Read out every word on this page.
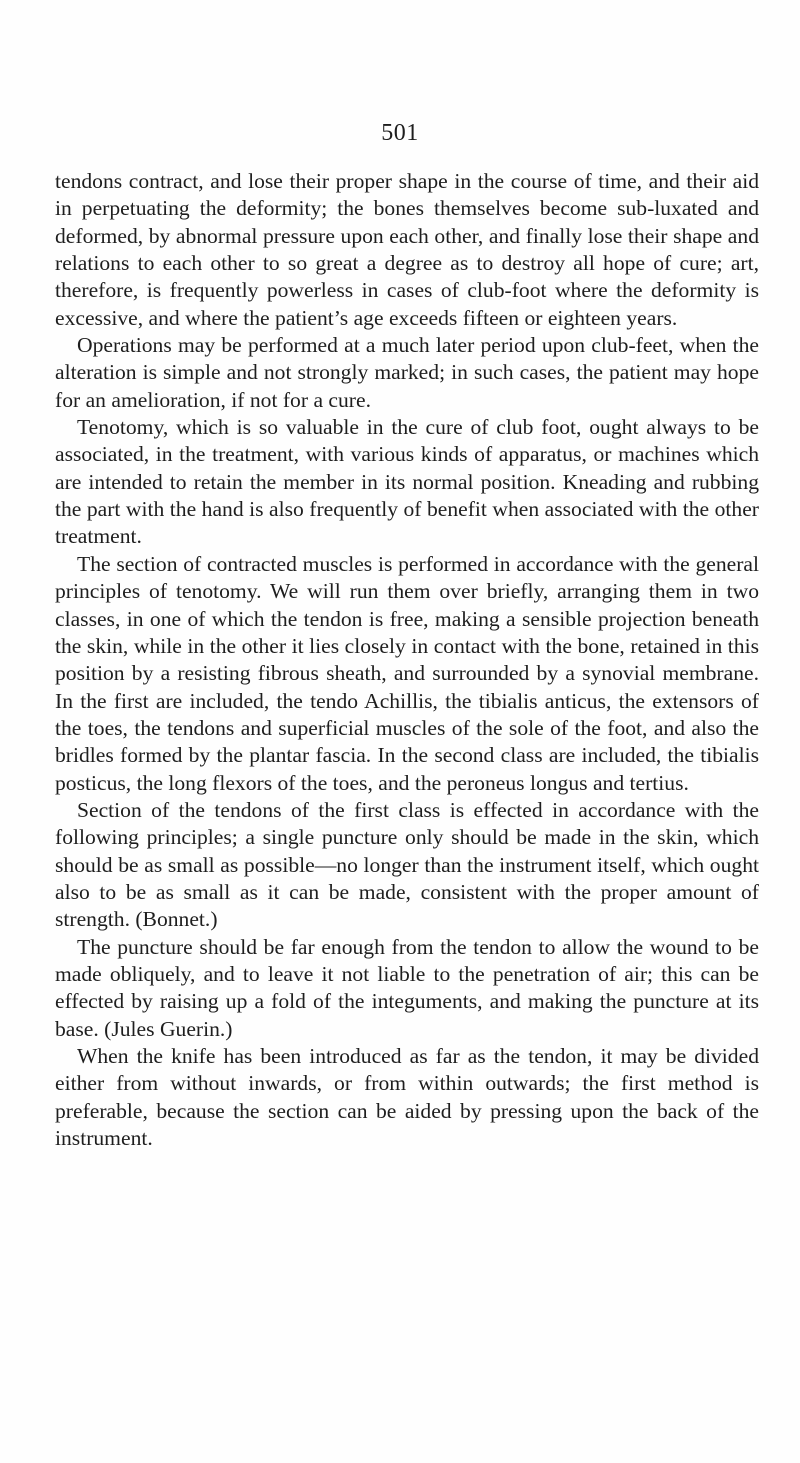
501

tendons contract, and lose their proper shape in the course of time, and their aid in perpetuating the deformity; the bones themselves become sub-luxated and deformed, by abnormal pressure upon each other, and finally lose their shape and relations to each other to so great a degree as to destroy all hope of cure; art, therefore, is frequently powerless in cases of club-foot where the deformity is excessive, and where the patient’s age exceeds fifteen or eighteen years.

Operations may be performed at a much later period upon club-feet, when the alteration is simple and not strongly marked; in such cases, the patient may hope for an amelioration, if not for a cure.

Tenotomy, which is so valuable in the cure of club foot, ought always to be associated, in the treatment, with various kinds of apparatus, or machines which are intended to retain the member in its normal position. Kneading and rubbing the part with the hand is also frequently of benefit when associated with the other treatment.

The section of contracted muscles is performed in accordance with the general principles of tenotomy. We will run them over briefly, arranging them in two classes, in one of which the tendon is free, making a sensible projection beneath the skin, while in the other it lies closely in contact with the bone, retained in this position by a resisting fibrous sheath, and surrounded by a synovial membrane. In the first are included, the tendo Achillis, the tibialis anticus, the extensors of the toes, the tendons and superficial muscles of the sole of the foot, and also the bridles formed by the plantar fascia. In the second class are included, the tibialis posticus, the long flexors of the toes, and the peroneus longus and tertius.

Section of the tendons of the first class is effected in accordance with the following principles; a single puncture only should be made in the skin, which should be as small as possible—no longer than the instrument itself, which ought also to be as small as it can be made, consistent with the proper amount of strength. (Bonnet.)

The puncture should be far enough from the tendon to allow the wound to be made obliquely, and to leave it not liable to the penetration of air; this can be effected by raising up a fold of the integuments, and making the puncture at its base. (Jules Guerin.)

When the knife has been introduced as far as the tendon, it may be divided either from without inwards, or from within outwards; the first method is preferable, because the section can be aided by pressing upon the back of the instrument.
